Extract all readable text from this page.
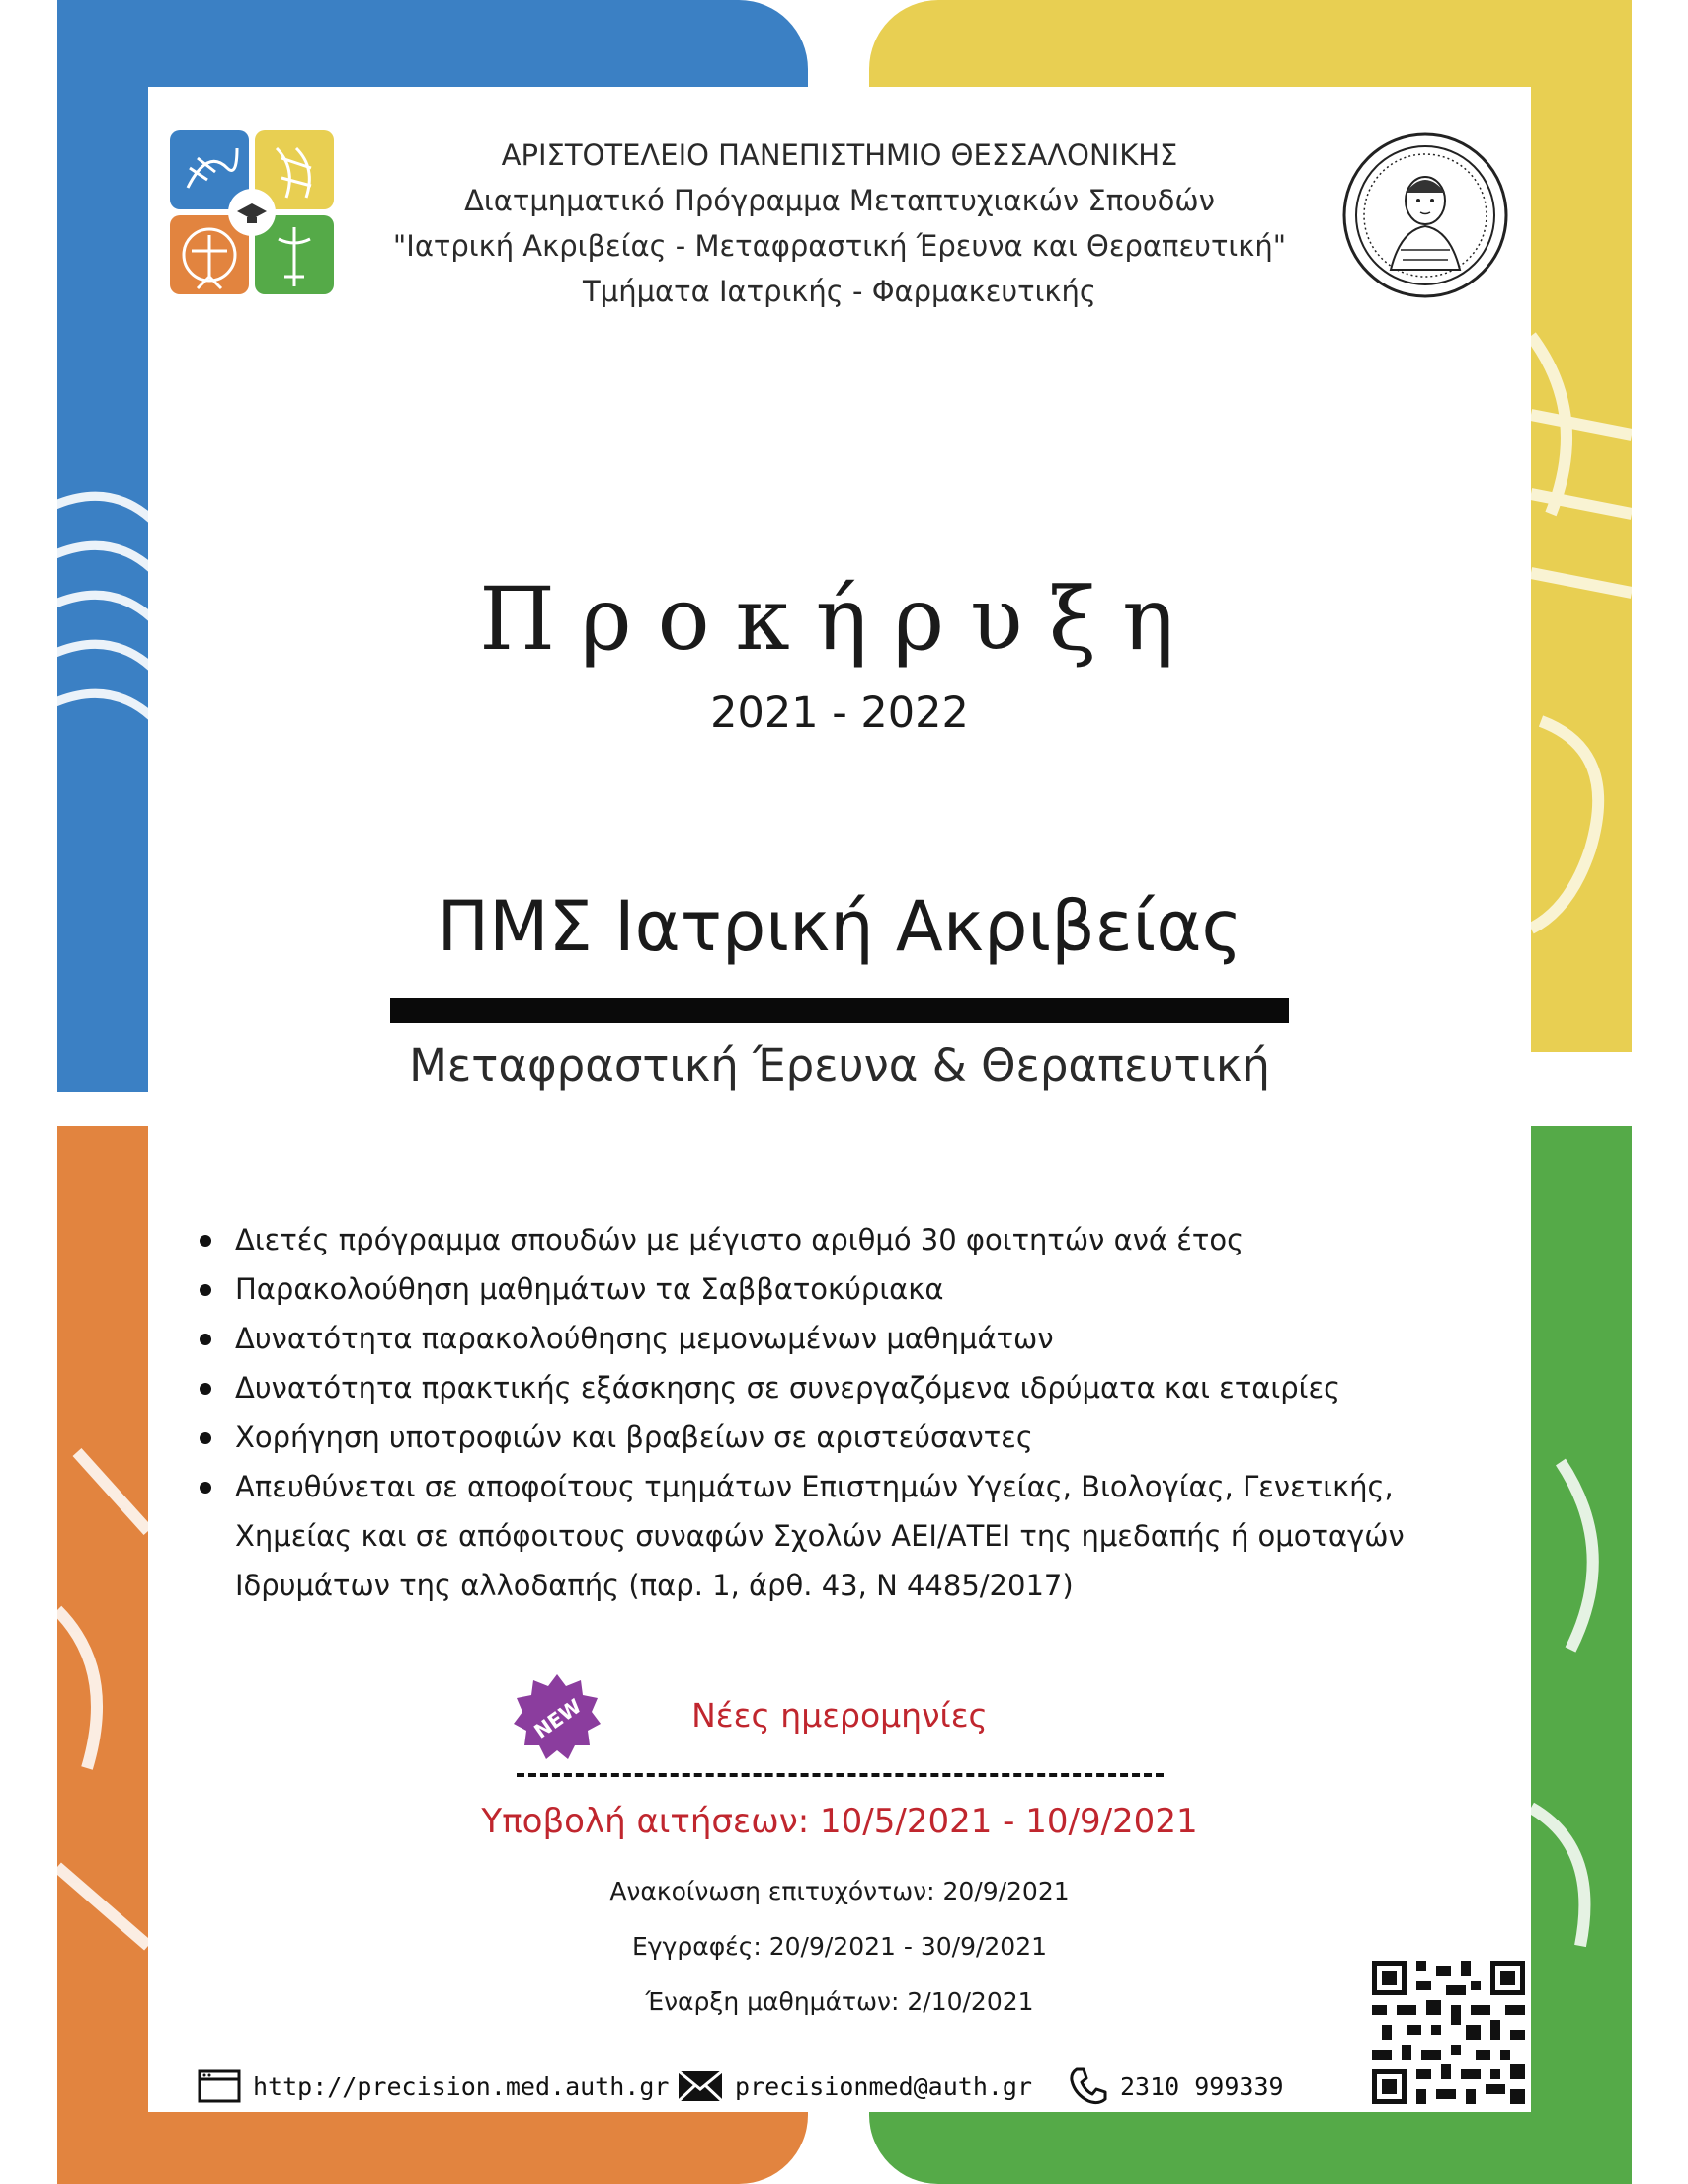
ΑΡΙΣΤΟΤΕΛΕΙΟ ΠΑΝΕΠΙΣΤΗΜΙΟ ΘΕΣΣΑΛΟΝΙΚΗΣ
Διατμηματικό Πρόγραμμα Μεταπτυχιακών Σπουδών
"Ιατρική Ακριβείας - Μεταφραστική Έρευνα και Θεραπευτική"
Τμήματα Ιατρικής - Φαρμακευτικής
Προκήρυξη
2021 - 2022
ΠΜΣ Ιατρική Ακριβείας
Μεταφραστική Έρευνα & Θεραπευτική
Διετές πρόγραμμα σπουδών με μέγιστο αριθμό 30 φοιτητών ανά έτος
Παρακολούθηση μαθημάτων τα Σαββατοκύριακα
Δυνατότητα παρακολούθησης μεμονωμένων μαθημάτων
Δυνατότητα πρακτικής εξάσκησης σε συνεργαζόμενα ιδρύματα και εταιρίες
Χορήγηση υποτροφιών και βραβείων σε αριστεύσαντες
Απευθύνεται σε αποφοίτους τμημάτων Επιστημών Υγείας, Βιολογίας, Γενετικής, Χημείας και σε απόφοιτους συναφών Σχολών ΑΕΙ/ΑΤΕΙ της ημεδαπής ή ομοταγών Ιδρυμάτων της αλλοδαπής (παρ. 1, άρθ. 43, Ν 4485/2017)
NEW	Νέες ημερομηνίες
Υποβολή αιτήσεων: 10/5/2021 - 10/9/2021
Ανακοίνωση επιτυχόντων: 20/9/2021
Εγγραφές: 20/9/2021 - 30/9/2021
Έναρξη μαθημάτων: 2/10/2021
http://precision.med.auth.gr	precisionmed@auth.gr	2310 999339
